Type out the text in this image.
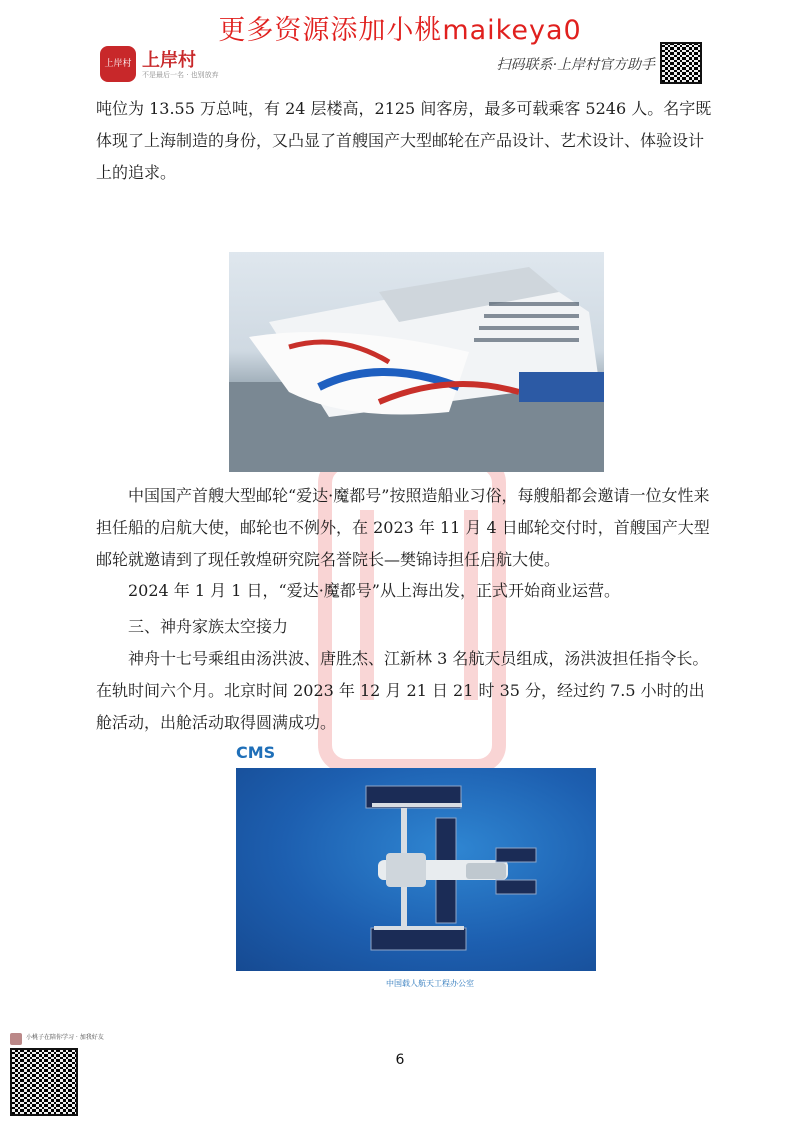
更多资源添加小桃maikeya0
上岸村 上岸村
不是最后一名 · 也别放弃
扫码联系·上岸村官方助手
吨位为 13.55 万总吨，有 24 层楼高，2125 间客房，最多可载乘客 5246 人。名字既体现了上海制造的身份，又凸显了首艘国产大型邮轮在产品设计、艺术设计、体验设计上的追求。
中国国产首艘大型邮轮“爱达·魔都号”按照造船业习俗，每艘船都会邀请一位女性来担任船的启航大使，邮轮也不例外，在 2023 年 11 月 4 日邮轮交付时，首艘国产大型邮轮就邀请到了现任敦煌研究院名誉院长—樊锦诗担任启航大使。
2024 年 1 月 1 日，“爱达·魔都号”从上海出发，正式开始商业运营。
三、神舟家族太空接力
神舟十七号乘组由汤洪波、唐胜杰、江新林 3 名航天员组成，汤洪波担任指令长。在轨时间六个月。北京时间 2023 年 12 月 21 日 21 时 35 分，经过约 7.5 小时的出舱活动，出舱活动取得圆满成功。
CMS
中国载人航天工程办公室
小桃子在陪你学习 · 加我好友
6
